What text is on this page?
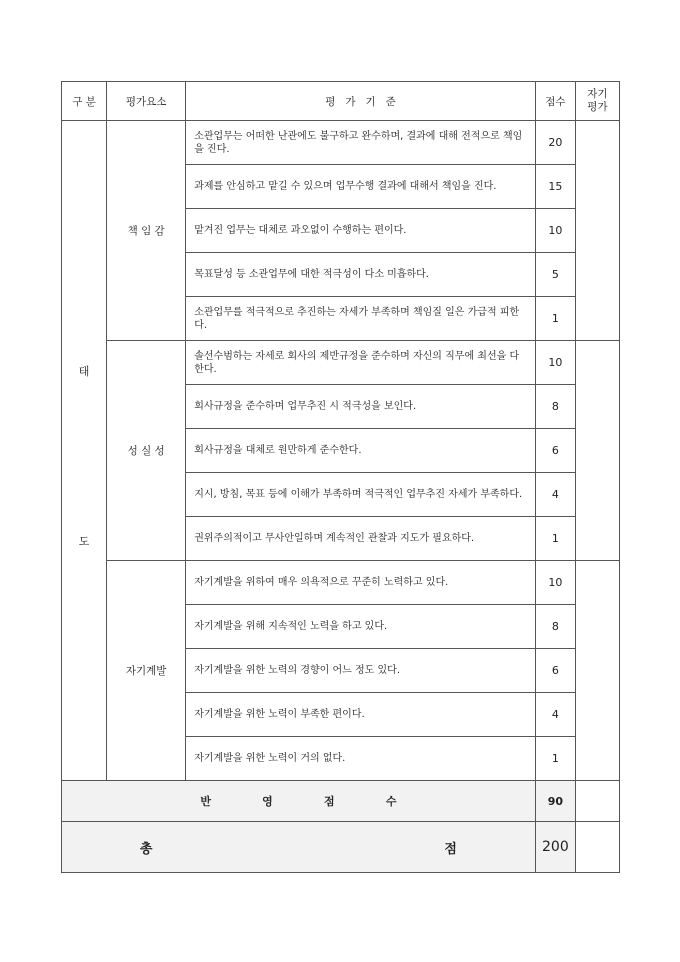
구 분	평가요소	평   가   기   준	점수	자기
평가

태
도	책 임 감	소관업무는 어떠한 난관에도 불구하고 완수하며, 결과에 대해 전적으로 책임을 진다.	20	
		과제를 안심하고 맡길 수 있으며 업무수행 결과에 대해서 책임을 진다.	15	
		맡겨진 업무는 대체로 과오없이 수행하는 편이다.	10	
		목표달성 등 소관업무에 대한 적극성이 다소 미흡하다.	5	
		소관업무를 적극적으로 추진하는 자세가 부족하며 책임질 일은 가급적 피한다.	1	
	성 실 성	솔선수범하는 자세로 회사의 제반규정을 준수하며 자신의 직무에 최선을 다한다.	10	
		회사규정을 준수하며 업무추진 시 적극성을 보인다.	8	
		회사규정을 대체로 원만하게 준수한다.	6	
		지시, 방침, 목표 등에 이해가 부족하며 적극적인 업무추진 자세가 부족하다.	4	
		권위주의적이고 무사안일하며 계속적인 관찰과 지도가 필요하다.	1	
	자기계발	자기계발을 위하여 매우 의욕적으로 꾸준히 노력하고 있다.	10	
		자기계발을 위해 지속적인 노력을 하고 있다.	8	
		자기계발을 위한 노력의 경향이 어느 정도 있다.	6	
		자기계발을 위한 노력이 부족한 편이다.	4	
		자기계발을 위한 노력이 거의 없다.	1	
반 영 점 수			90	
총 점			200	
